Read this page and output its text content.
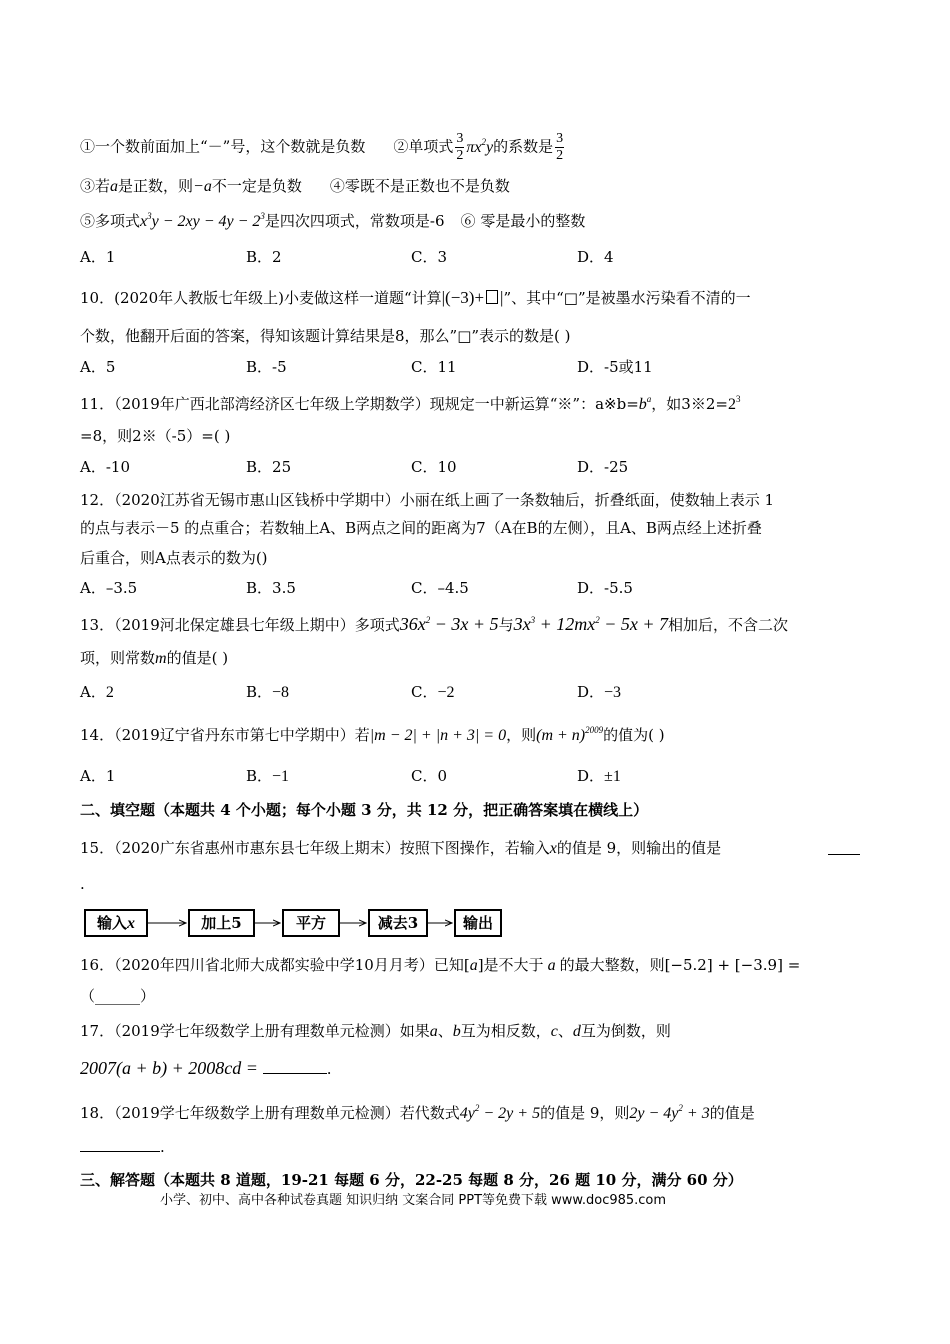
①一个数前面加上“－”号，这个数就是负数 ②单项式 $\frac{3}{2} \pi x^2y$的系数是 $\frac{3}{2}$
③若a是正数，则−a不一定是负数 ④零既不是正数也不是负数
⑤多项式$x^3y - 2xy - 4y - 2^3$是四次四项式，常数项是-6 ⑥ 零是最小的整数
A．1	B．2	C．3	D．4
10．(2020年人教版七年级上)小麦做这样一道题“计算|(−3)+ |”、其中“□”是被墨水污染看不清的一
个数，他翻开后面的答案，得知该题计算结果是8，那么”□”表示的数是( )
A．5	B．-5	C．11	D．-5或11
11．（2019年广西北部湾经济区七年级上学期数学）现规定一中新运算“※”：$a※b=b^a$，如$3※2=2^3$
=8，则2※（-5）=( )
A．-10	B．25	C．10	D．-25
12．（2020江苏省无锡市惠山区钱桥中学期中）小丽在纸上画了一条数轴后，折叠纸面，使数轴上表示 1
的点与表示－5 的点重合；若数轴上A、B两点之间的距离为7（A在B的左侧），且A、B两点经上述折叠
后重合，则A点表示的数为()
A．–3.5	B．3.5	C．–4.5	D．-5.5
13．（2019河北保定雄县七年级上期中）多项式$36x^2 - 3x + 5$与$3x^3 + 12mx^2 - 5x + 7$相加后，不含二次
项，则常数m的值是( )
A．2	B．−8	C．−2	D．−3
14．（2019辽宁省丹东市第七中学期中）若|m − 2| + |n + 3| = 0，则$(m + n)^{2009}$的值为( )
A．1	B．−1	C．0	D．±1
二、填空题（本题共 4 个小题；每个小题 3 分，共 12 分，把正确答案填在横线上）
15．（2020广东省惠州市惠东县七年级上期末）按照下图操作，若输入x的值是 9，则输出的值是
.
输入x	加上5	平方	减去3	输出
16．（2020年四川省北师大成都实验中学10月月考）已知[a]是不大于 a 的最大整数，则[−5.2] + [−3.9] =
（______）
17．（2019学七年级数学上册有理数单元检测）如果a、b互为相反数，c、d互为倒数，则
2007(a + b) + 2008cd =	.
18．（2019学七年级数学上册有理数单元检测）若代数式$4y^2 - 2y + 5$的值是 9，则$2y - 4y^2 + 3$的值是
.
三、解答题（本题共 8 道题，19-21 每题 6 分，22-25 每题 8 分，26 题 10 分，满分 60 分）
小学、初中、高中各种试卷真题 知识归纳 文案合同 PPT等免费下载 www.doc985.com
